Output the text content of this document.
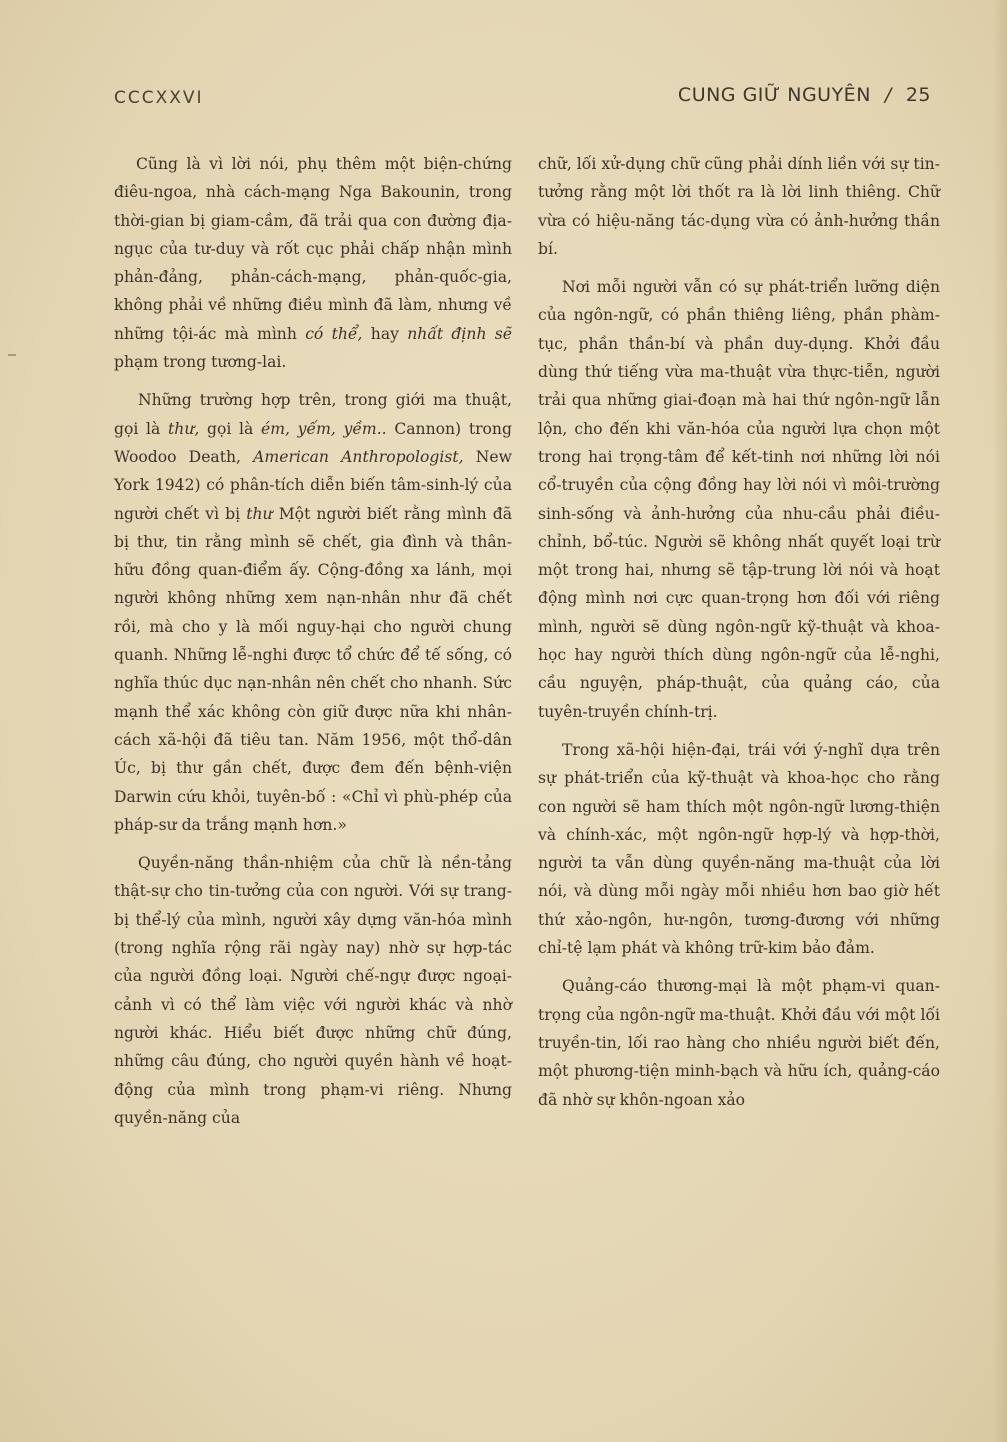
CCCXXVI	CUNG GIỮ NGUYÊN / 25

Cũng là vì lời nói, phụ thêm một biện-chứng điêu-ngoa, nhà cách-mạng Nga Bakounin, trong thời-gian bị giam-cầm, đã trải qua con đường địa-ngục của tư-duy và rốt cục phải chấp nhận mình phản-đảng, phản-cách-mạng, phản-quốc-gia, không phải về những điều mình đã làm, nhưng về những tội-ác mà mình có thể, hay nhất định sẽ phạm trong tương-lai.

Những trường hợp trên, trong giới ma thuật, gọi là thư, gọi là ém, yếm, yềm.. Cannon) trong Woodoo Death, American Anthropologist, New York 1942) có phân-tích diễn biến tâm-sinh-lý của người chết vì bị thư Một người biết rằng mình đã bị thư, tin rằng mình sẽ chết, gia đình và thân-hữu đồng quan-điểm ấy. Cộng-đồng xa lánh, mọi người không những xem nạn-nhân như đã chết rồi, mà cho y là mối nguy-hại cho người chung quanh. Những lễ-nghi được tổ chức để tế sống, có nghĩa thúc dục nạn-nhân nên chết cho nhanh. Sức mạnh thể xác không còn giữ được nữa khi nhân-cách xã-hội đã tiêu tan. Năm 1956, một thổ-dân Úc, bị thư gần chết, được đem đến bệnh-viện Darwin cứu khỏi, tuyên-bố : «Chỉ vì phù-phép của pháp-sư da trắng mạnh hơn.»

Quyền-năng thần-nhiệm của chữ là nền-tảng thật-sự cho tin-tưởng của con người. Với sự trang-bị thể-lý của mình, người xây dựng văn-hóa mình (trong nghĩa rộng rãi ngày nay) nhờ sự hợp-tác của người đồng loại. Người chế-ngự được ngoại-cảnh vì có thể làm việc với người khác và nhờ người khác. Hiểu biết được những chữ đúng, những câu đúng, cho người quyền hành về hoạt-động của mình trong phạm-vi riêng. Nhưng quyền-năng của

chữ, lối xử-dụng chữ cũng phải dính liền với sự tin-tưởng rằng một lời thốt ra là lời linh thiêng. Chữ vừa có hiệu-năng tác-dụng vừa có ảnh-hưởng thần bí.

Nơi mỗi người vẫn có sự phát-triển lưỡng diện của ngôn-ngữ, có phần thiêng liêng, phần phàm-tục, phần thần-bí và phần duy-dụng. Khởi đầu dùng thứ tiếng vừa ma-thuật vừa thực-tiễn, người trải qua những giai-đoạn mà hai thứ ngôn-ngữ lẫn lộn, cho đến khi văn-hóa của người lựa chọn một trong hai trọng-tâm để kết-tinh nơi những lời nói cổ-truyền của cộng đồng hay lời nói vì môi-trường sinh-sống và ảnh-hưởng của nhu-cầu phải điều-chỉnh, bổ-túc. Người sẽ không nhất quyết loại trừ một trong hai, nhưng sẽ tập-trung lời nói và hoạt động mình nơi cực quan-trọng hơn đối với riêng mình, người sẽ dùng ngôn-ngữ kỹ-thuật và khoa-học hay người thích dùng ngôn-ngữ của lễ-nghi, cầu nguyện, pháp-thuật, của quảng cáo, của tuyên-truyền chính-trị.

Trong xã-hội hiện-đại, trái với ý-nghĩ dựa trên sự phát-triển của kỹ-thuật và khoa-học cho rằng con người sẽ ham thích một ngôn-ngữ lương-thiện và chính-xác, một ngôn-ngữ hợp-lý và hợp-thời, người ta vẫn dùng quyền-năng ma-thuật của lời nói, và dùng mỗi ngày mỗi nhiều hơn bao giờ hết thứ xảo-ngôn, hư-ngôn, tương-đương với những chỉ-tệ lạm phát và không trữ-kim bảo đảm.

Quảng-cáo thương-mại là một phạm-vi quan-trọng của ngôn-ngữ ma-thuật. Khởi đầu với một lối truyền-tin, lối rao hàng cho nhiều người biết đến, một phương-tiện minh-bạch và hữu ích, quảng-cáo đã nhờ sự khôn-ngoan xảo
